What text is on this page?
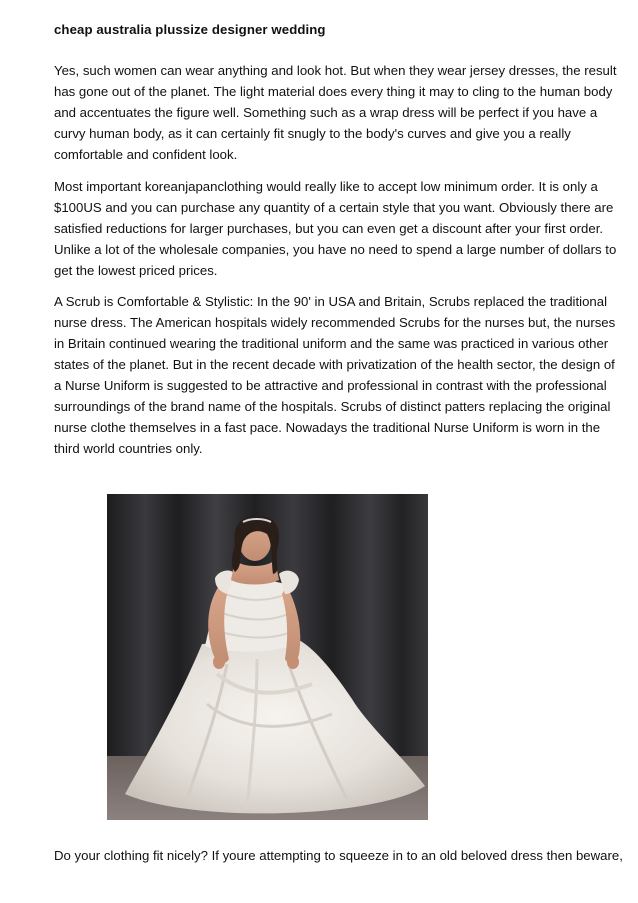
cheap australia plussize designer wedding

Yes, such women can wear anything and look hot. But when they wear jersey dresses, the result
has gone out of the planet. The light material does every thing it may to cling to the human body
and accentuates the figure well. Something such as a wrap dress will be perfect if you have a
curvy human body, as it can certainly fit snugly to the body's curves and give you a really
comfortable and confident look.

Most important koreanjapanclothing would really like to accept low minimum order. It is only a
$100US and you can purchase any quantity of a certain style that you want. Obviously there are
satisfied reductions for larger purchases, but you can even get a discount after your first order.
Unlike a lot of the wholesale companies, you have no need to spend a large number of dollars to
get the lowest priced prices.

A Scrub is Comfortable & Stylistic: In the 90' in USA and Britain, Scrubs replaced the traditional
nurse dress. The American hospitals widely recommended Scrubs for the nurses but, the nurses
in Britain continued wearing the traditional uniform and the same was practiced in various other
states of the planet. But in the recent decade with privatization of the health sector, the design of
a Nurse Uniform is suggested to be attractive and professional in contrast with the professional
surroundings of the brand name of the hospitals. Scrubs of distinct patters replacing the original
nurse clothe themselves in a fast pace. Nowadays the traditional Nurse Uniform is worn in the
third world countries only.

Do your clothing fit nicely? If youre attempting to squeeze in to an old beloved dress then beware,
